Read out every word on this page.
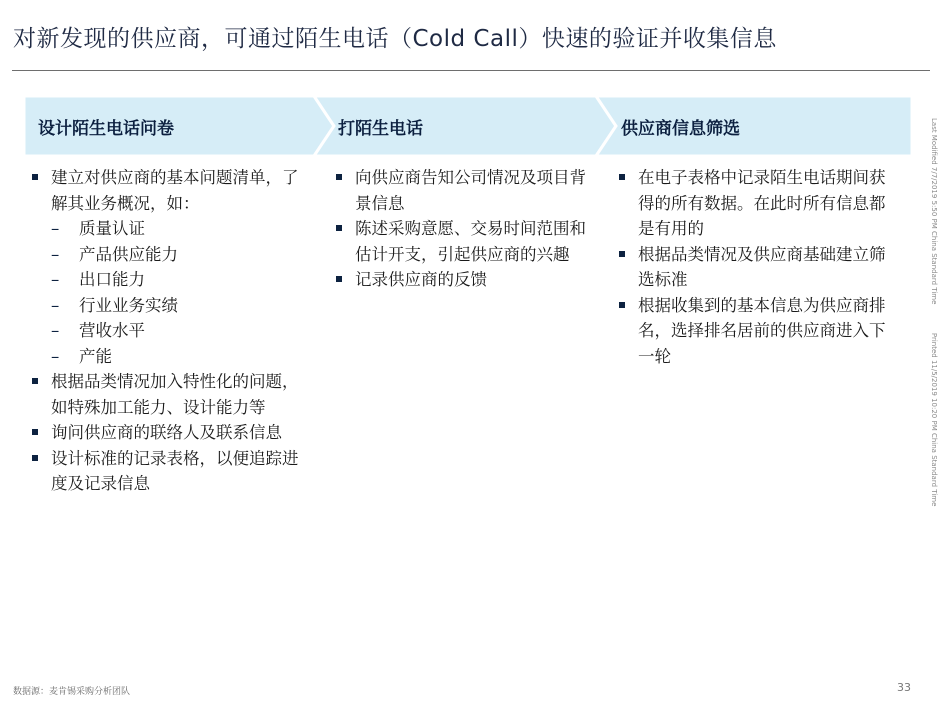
对新发现的供应商，可通过陌生电话（Cold Call）快速的验证并收集信息
设计陌生电话问卷	打陌生电话	供应商信息筛选
建立对供应商的基本问题清单，了解其业务概况，如：
– 质量认证
– 产品供应能力
– 出口能力
– 行业业务实绩
– 营收水平
– 产能
根据品类情况加入特性化的问题，如特殊加工能力、设计能力等
询问供应商的联络人及联系信息
设计标准的记录表格，以便追踪进度及记录信息
向供应商告知公司情况及项目背景信息
陈述采购意愿、交易时间范围和估计开支，引起供应商的兴趣
记录供应商的反馈
在电子表格中记录陌生电话期间获得的所有数据。在此时所有信息都是有用的
根据品类情况及供应商基础建立筛选标准
根据收集到的基本信息为供应商排名，选择排名居前的供应商进入下一轮
Last Modified 7/7/2019 5:50 PM China Standard Time  Printed 11/5/2019 10:20 PM China Standard Time
数据源：麦肯锡采购分析团队	33
